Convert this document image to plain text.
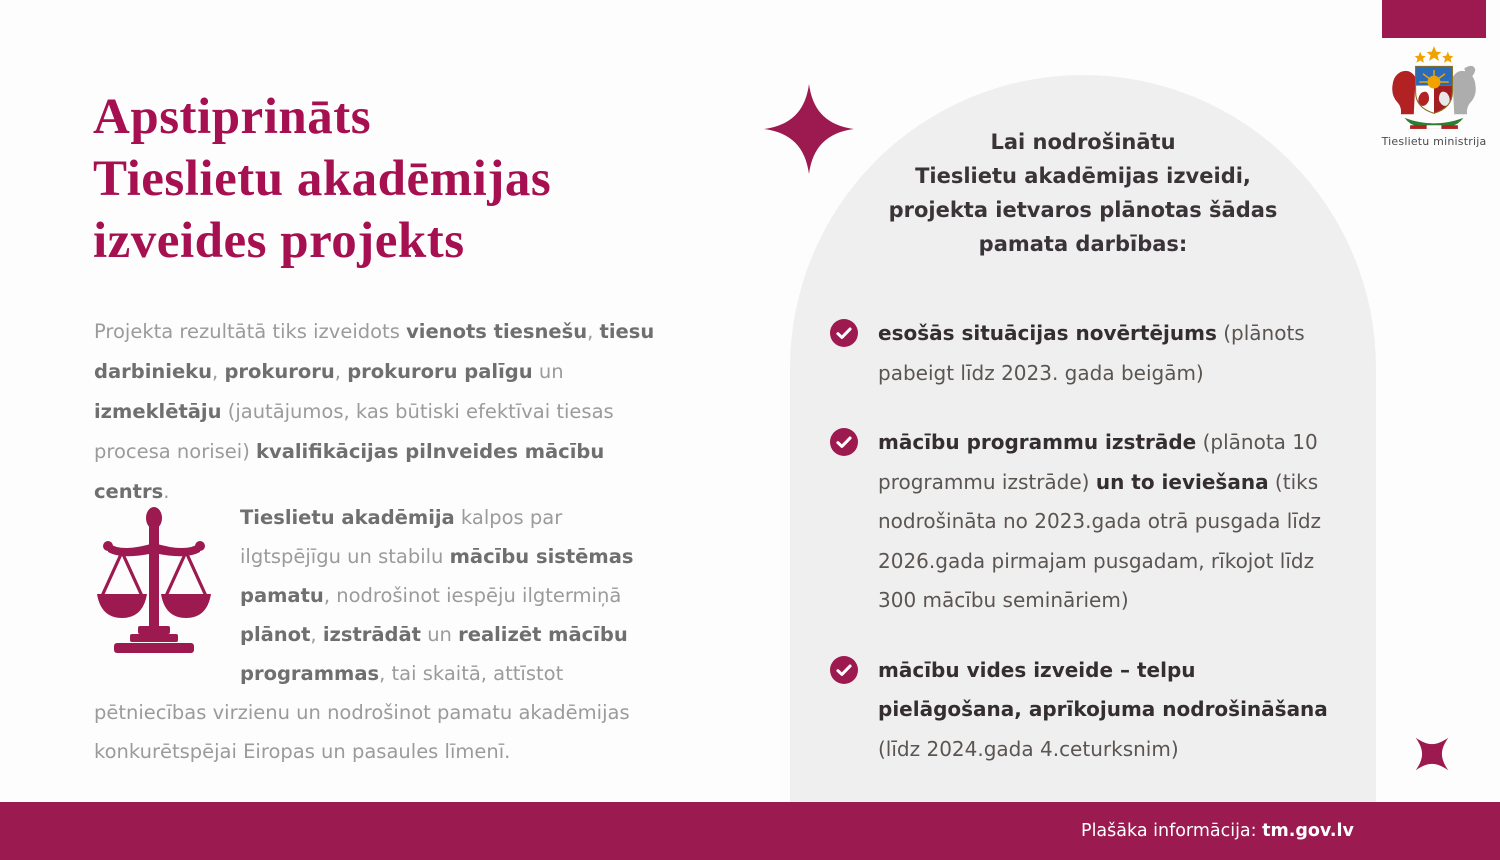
Apstiprināts
Tieslietu akadēmijas
izveides projekts

Projekta rezultātā tiks izveidots vienots tiesnešu, tiesu darbinieku, prokuroru, prokuroru palīgu un izmeklētāju (jautājumos, kas būtiski efektīvai tiesas procesa norisei) kvalifikācijas pilnveides mācību centrs.

Tieslietu akadēmija kalpos par ilgtspējīgu un stabilu mācību sistēmas pamatu, nodrošinot iespēju ilgtermiņā plānot, izstrādāt un realizēt mācību programmas, tai skaitā, attīstot pētniecības virzienu un nodrošinot pamatu akadēmijas konkurētspējai Eiropas un pasaules līmenī.
Lai nodrošinātu
Tieslietu akadēmijas izveidi,
projekta ietvaros plānotas šādas
pamata darbības:
esošās situācijas novērtējums (plānots pabeigt līdz 2023. gada beigām)
mācību programmu izstrāde (plānota 10 programmu izstrāde) un to ieviešana (tiks nodrošināta no 2023.gada otrā pusgada līdz 2026.gada pirmajam pusgadam, rīkojot līdz 300 mācību semināriem)
mācību vides izveide – telpu pielāgošana, aprīkojuma nodrošināšana (līdz 2024.gada 4.ceturksnim)
Tieslietu ministrija
Plašāka informācija: tm.gov.lv
